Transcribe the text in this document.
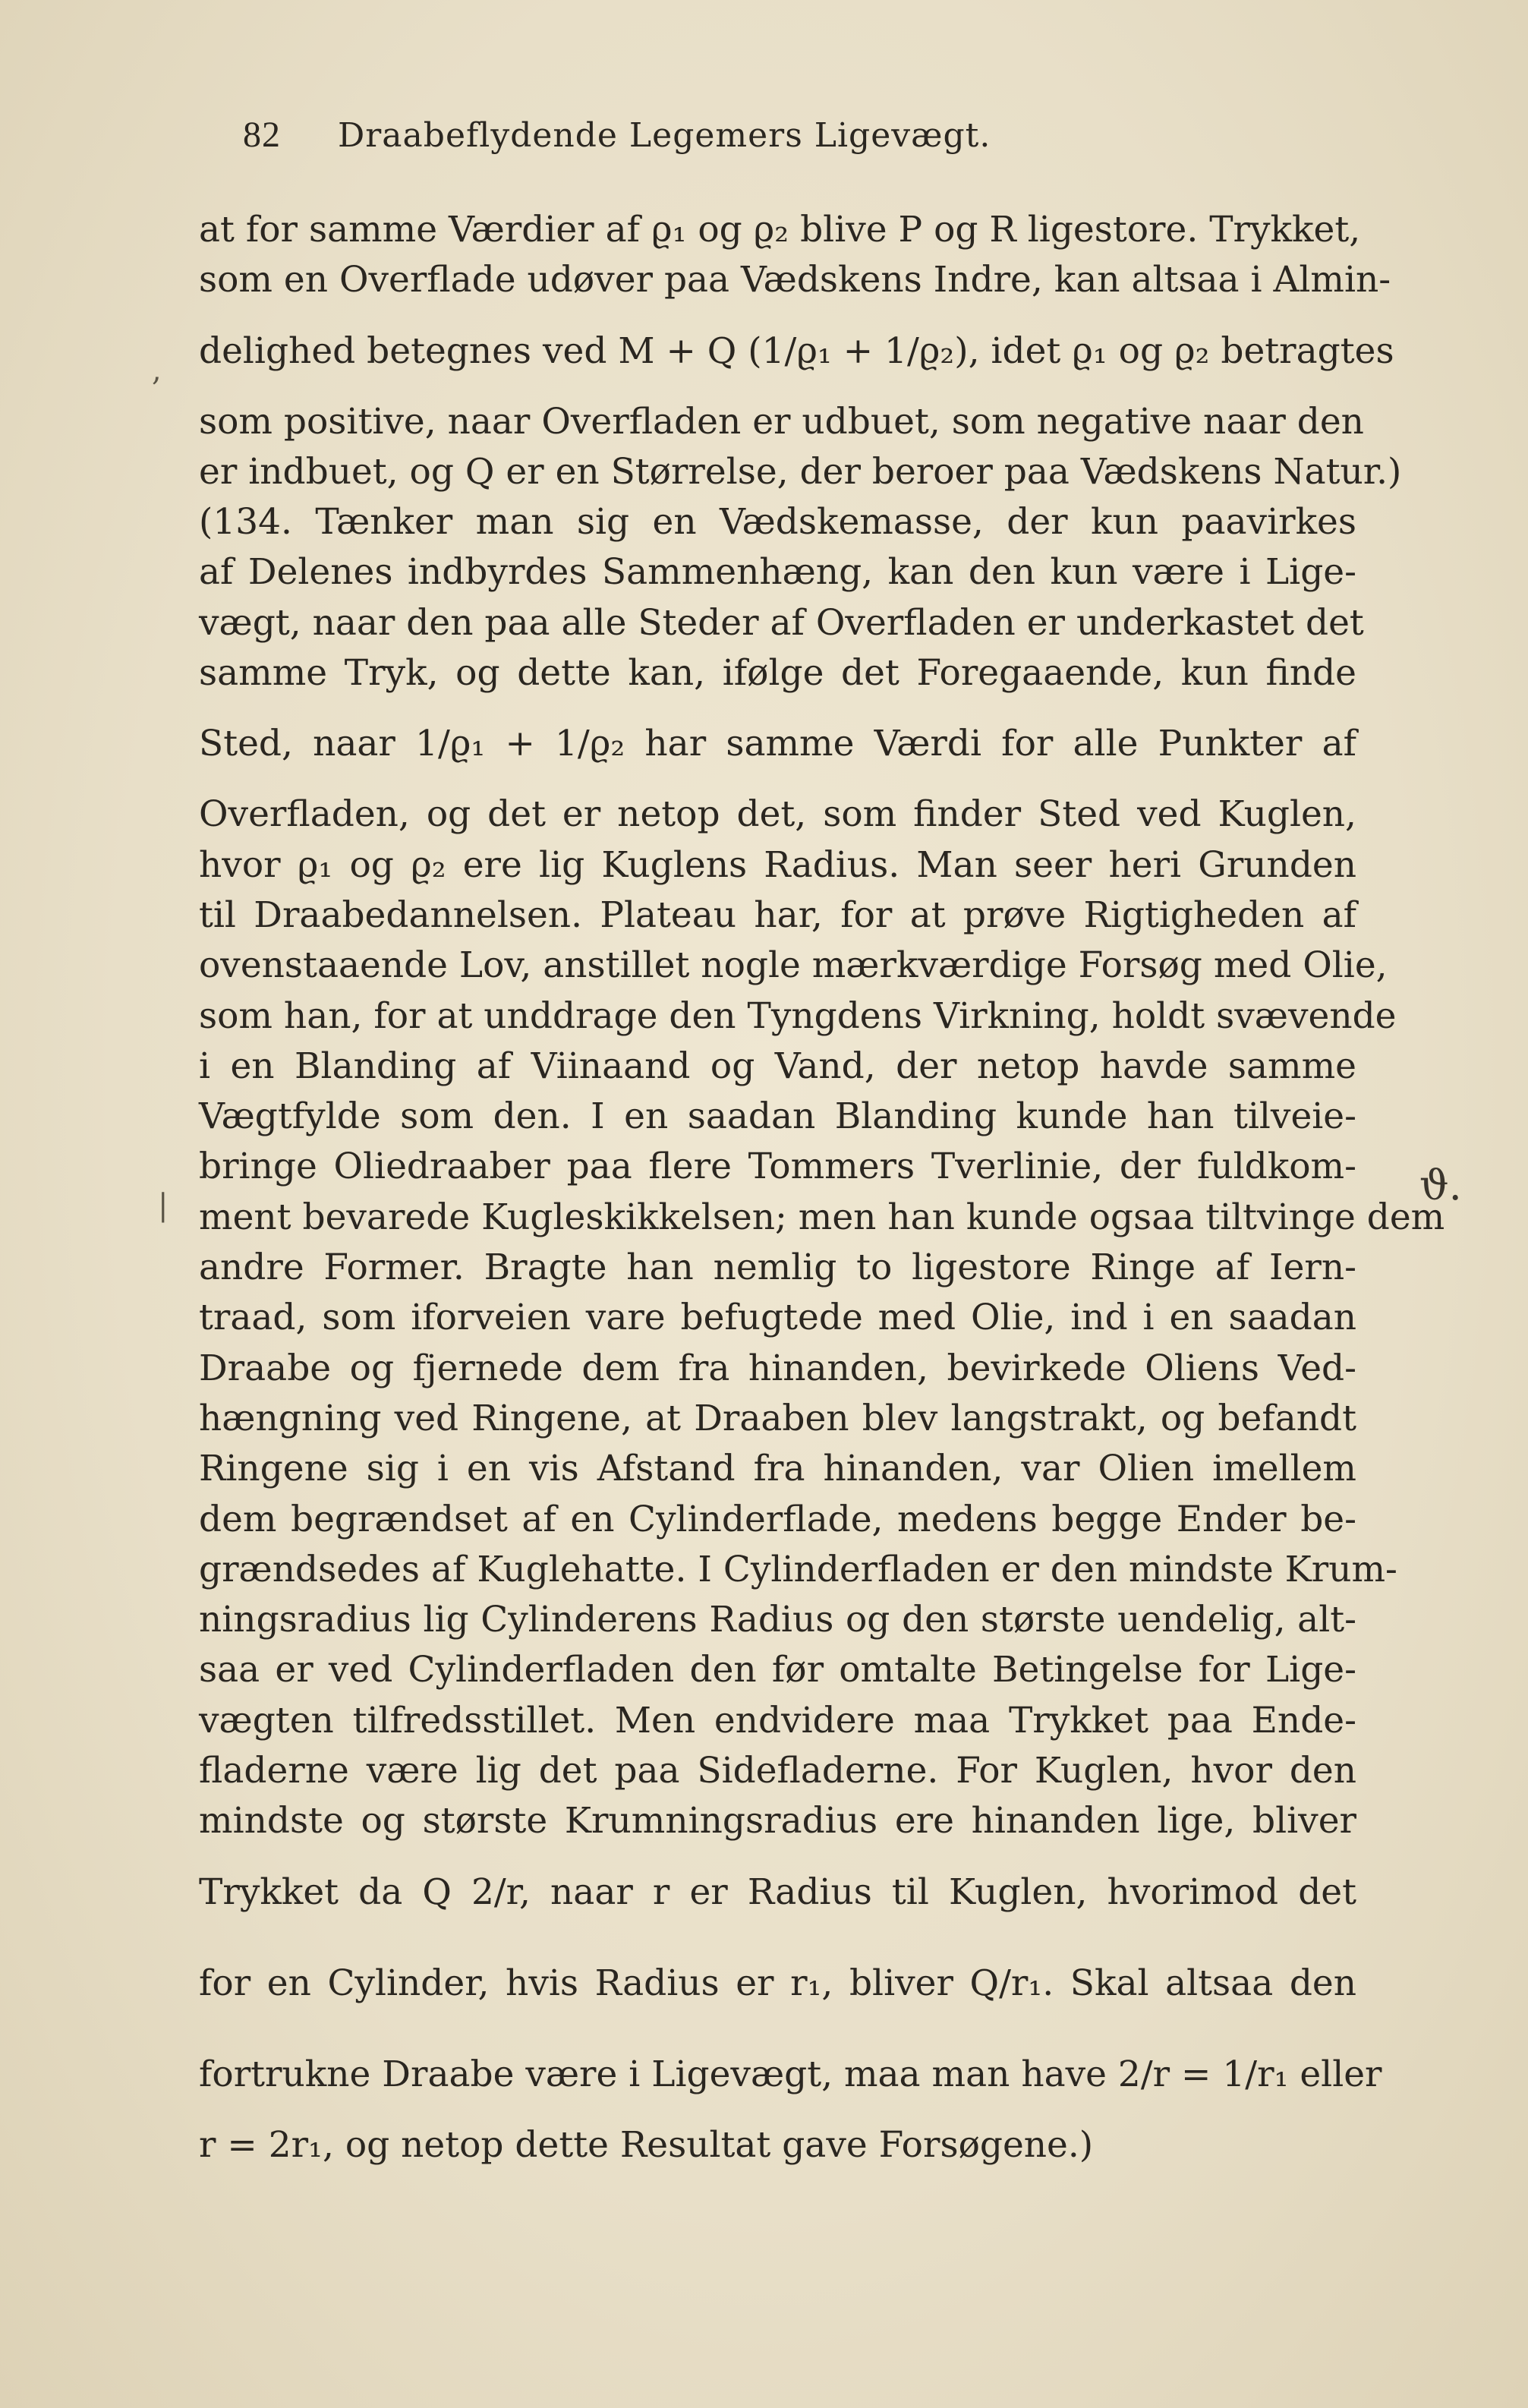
82 Draabeflydende Legemers Ligevægt.
at for samme Værdier af ϱ₁ og ϱ₂ blive P og R ligestore. Trykket,
som en Overflade udøver paa Vædskens Indre, kan altsaa i Almin-
delighed betegnes ved M + Q (1/ϱ₁ + 1/ϱ₂), idet ϱ₁ og ϱ₂ betragtes
som positive, naar Overfladen er udbuet, som negative naar den
er indbuet, og Q er en Størrelse, der beroer paa Vædskens Natur.)
(134. Tænker man sig en Vædskemasse, der kun paavirkes
af Delenes indbyrdes Sammenhæng, kan den kun være i Lige-
vægt, naar den paa alle Steder af Overfladen er underkastet det
samme Tryk, og dette kan, ifølge det Foregaaende, kun finde
Sted, naar 1/ϱ₁ + 1/ϱ₂ har samme Værdi for alle Punkter af
Overfladen, og det er netop det, som finder Sted ved Kuglen,
hvor ϱ₁ og ϱ₂ ere lig Kuglens Radius. Man seer heri Grunden
til Draabedannelsen. Plateau har, for at prøve Rigtigheden af
ovenstaaende Lov, anstillet nogle mærkværdige Forsøg med Olie,
som han, for at unddrage den Tyngdens Virkning, holdt svævende
i en Blanding af Viinaand og Vand, der netop havde samme
Vægtfylde som den. I en saadan Blanding kunde han tilveie-
bringe Oliedraaber paa flere Tommers Tverlinie, der fuldkom-
ment bevarede Kugleskikkelsen; men han kunde ogsaa tiltvinge dem
andre Former. Bragte han nemlig to ligestore Ringe af Iern-
traad, som iforveien vare befugtede med Olie, ind i en saadan
Draabe og fjernede dem fra hinanden, bevirkede Oliens Ved-
hængning ved Ringene, at Draaben blev langstrakt, og befandt
Ringene sig i en vis Afstand fra hinanden, var Olien imellem
dem begrændset af en Cylinderflade, medens begge Ender be-
grændsedes af Kuglehatte. I Cylinderfladen er den mindste Krum-
ningsradius lig Cylinderens Radius og den største uendelig, alt-
saa er ved Cylinderfladen den før omtalte Betingelse for Lige-
vægten tilfredsstillet. Men endvidere maa Trykket paa Ende-
fladerne være lig det paa Sidefladerne. For Kuglen, hvor den
mindste og største Krumningsradius ere hinanden lige, bliver
Trykket da Q 2/r, naar r er Radius til Kuglen, hvorimod det
for en Cylinder, hvis Radius er r₁, bliver Q/r₁. Skal altsaa den
fortrukne Draabe være i Ligevægt, maa man have 2/r = 1/r₁ eller
r = 2r₁, og netop dette Resultat gave Forsøgene.)
ϑ.
|
,
